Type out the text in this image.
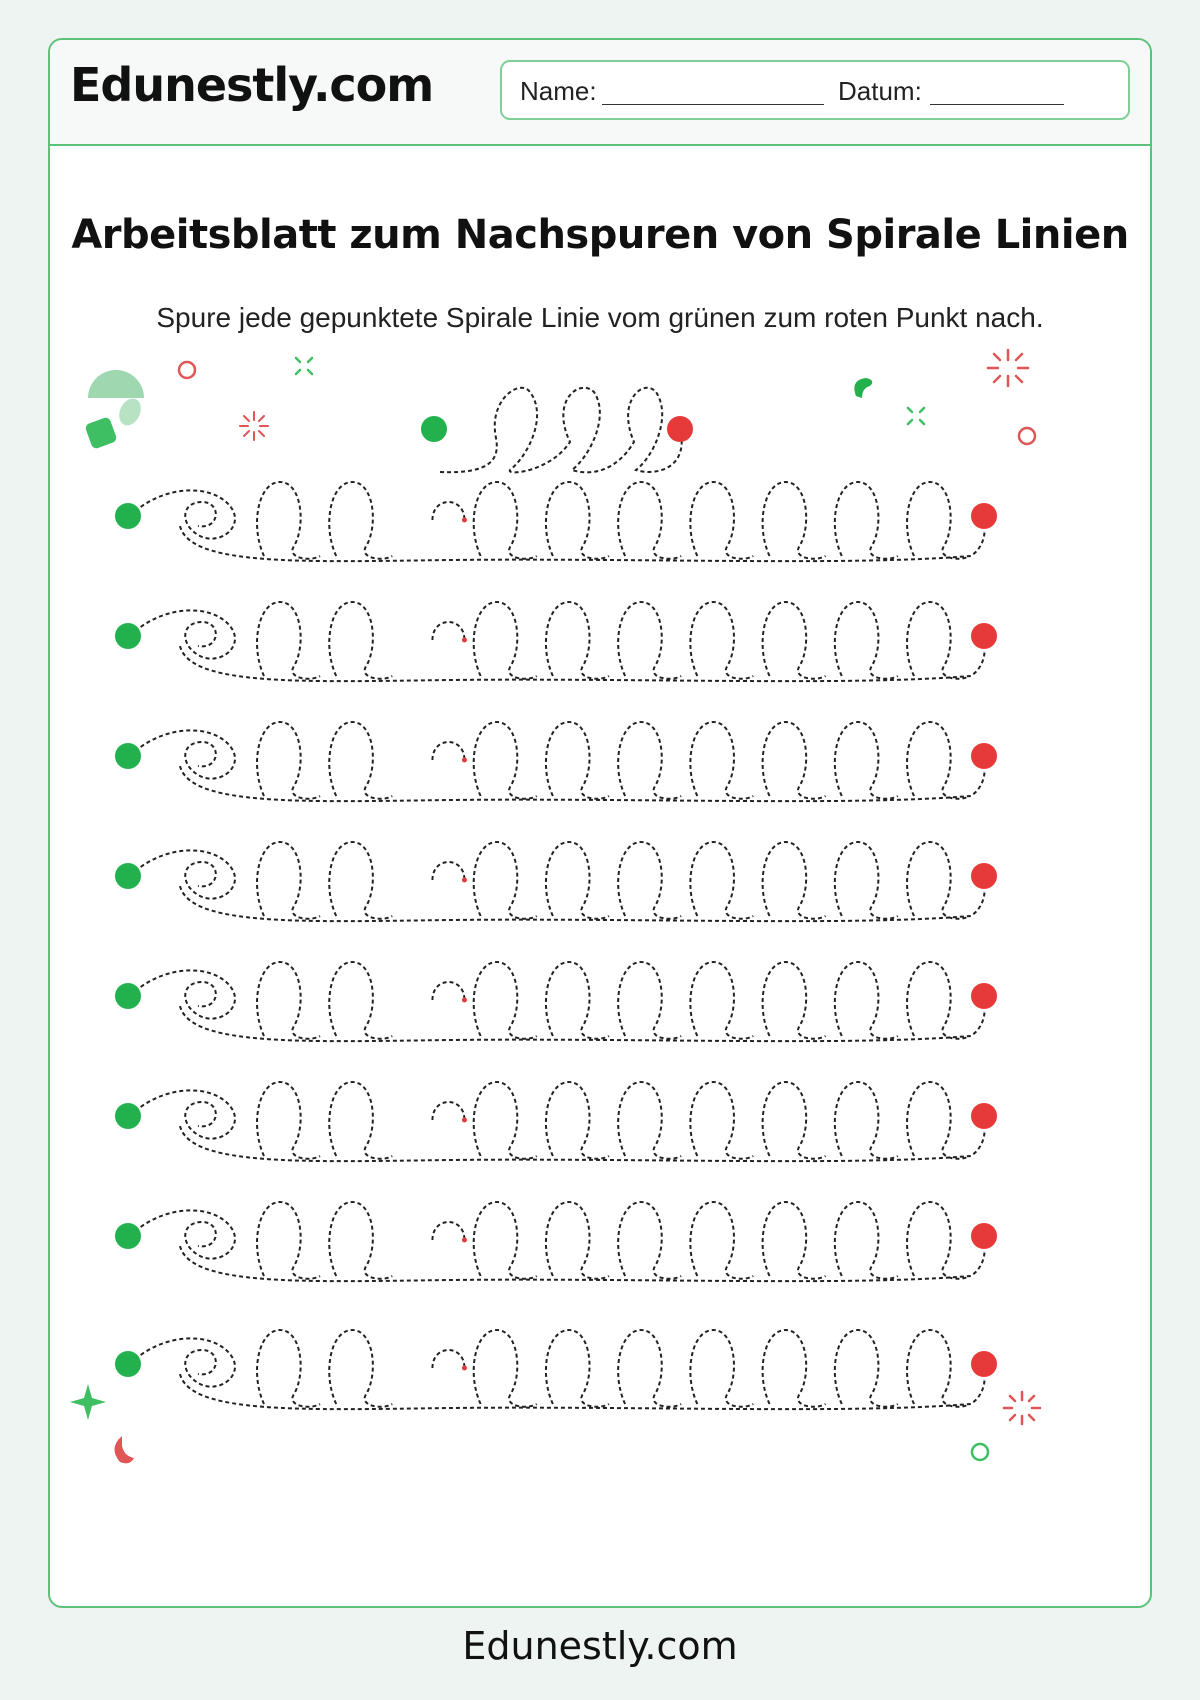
Edunestly.com	Name:	Datum:
Arbeitsblatt zum Nachspuren von Spirale Linien
Spure jede gepunktete Spirale Linie vom grünen zum roten Punkt nach.
Edunestly.com
